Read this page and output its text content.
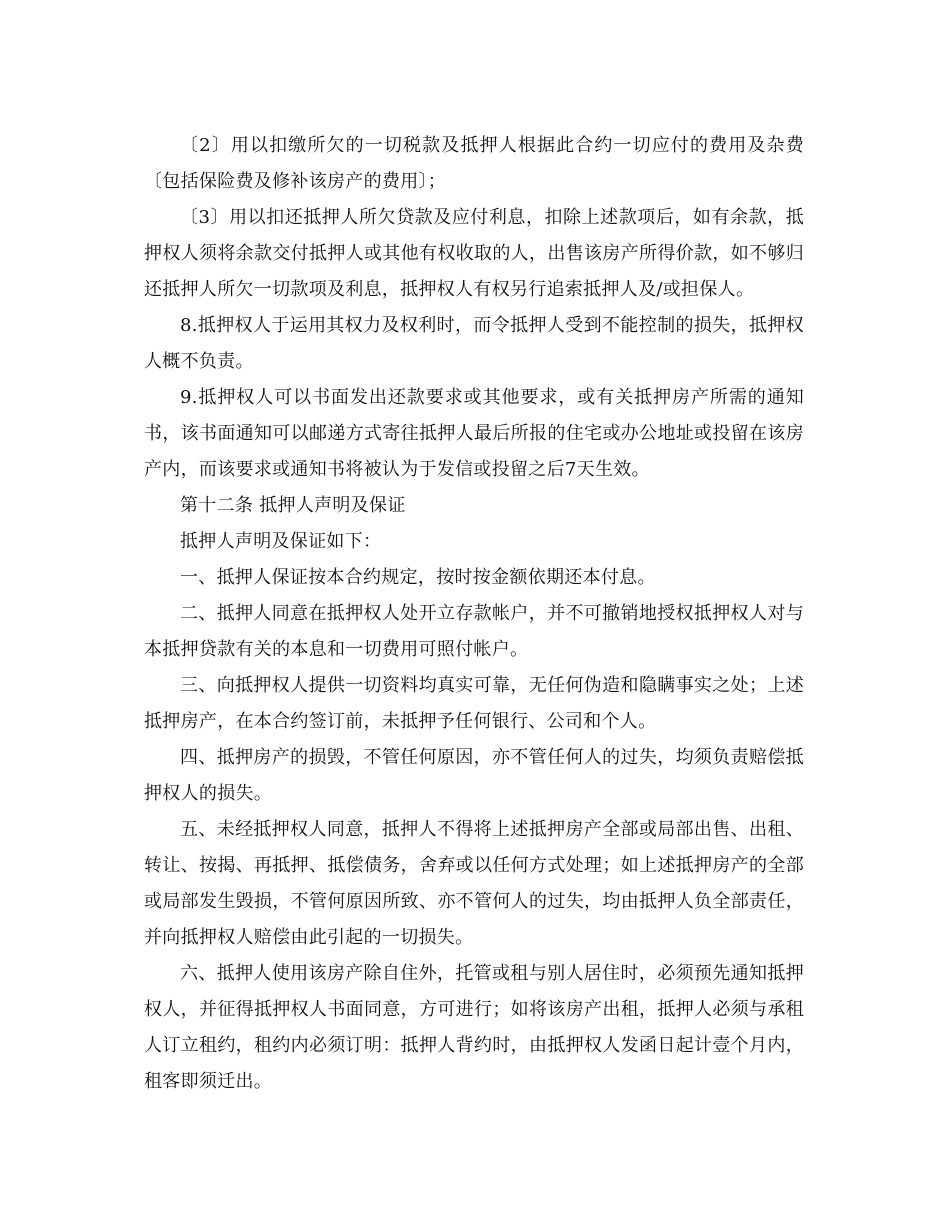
〔2〕用以扣缴所欠的一切税款及抵押人根据此合约一切应付的费用及杂费〔包括保险费及修补该房产的费用〕；

〔3〕用以扣还抵押人所欠贷款及应付利息，扣除上述款项后，如有余款，抵押权人须将余款交付抵押人或其他有权收取的人，出售该房产所得价款，如不够归还抵押人所欠一切款项及利息，抵押权人有权另行追索抵押人及/或担保人。

8.抵押权人于运用其权力及权利时，而令抵押人受到不能控制的损失，抵押权人概不负责。

9.抵押权人可以书面发出还款要求或其他要求，或有关抵押房产所需的通知书，该书面通知可以邮递方式寄往抵押人最后所报的住宅或办公地址或投留在该房产内，而该要求或通知书将被认为于发信或投留之后7天生效。

第十二条 抵押人声明及保证

抵押人声明及保证如下：

一、抵押人保证按本合约规定，按时按金额依期还本付息。

二、抵押人同意在抵押权人处开立存款帐户，并不可撤销地授权抵押权人对与本抵押贷款有关的本息和一切费用可照付帐户。

三、向抵押权人提供一切资料均真实可靠，无任何伪造和隐瞒事实之处；上述抵押房产，在本合约签订前，未抵押予任何银行、公司和个人。

四、抵押房产的损毁，不管任何原因，亦不管任何人的过失，均须负责赔偿抵押权人的损失。

五、未经抵押权人同意，抵押人不得将上述抵押房产全部或局部出售、出租、转让、按揭、再抵押、抵偿债务，舍弃或以任何方式处理；如上述抵押房产的全部或局部发生毁损，不管何原因所致、亦不管何人的过失，均由抵押人负全部责任，并向抵押权人赔偿由此引起的一切损失。

六、抵押人使用该房产除自住外，托管或租与别人居住时，必须预先通知抵押权人，并征得抵押权人书面同意，方可进行；如将该房产出租，抵押人必须与承租人订立租约，租约内必须订明：抵押人背约时，由抵押权人发函日起计壹个月内，租客即须迁出。
